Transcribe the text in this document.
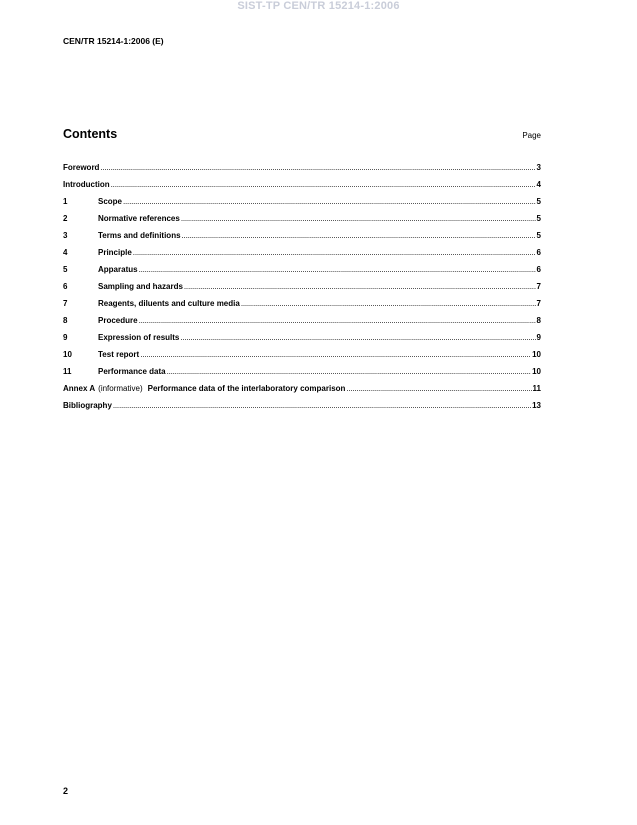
SIST-TP CEN/TR 15214-1:2006
CEN/TR 15214-1:2006 (E)
Contents	Page
Foreword .....	3
Introduction .....	4
1	Scope .....	5
2	Normative references .....	5
3	Terms and definitions .....	5
4	Principle .....	6
5	Apparatus .....	6
6	Sampling and hazards .....	7
7	Reagents, diluents and culture media .....	7
8	Procedure .....	8
9	Expression of results .....	9
10	Test report .....	10
11	Performance data .....	10
Annex A (informative) Performance data of the interlaboratory comparison .....	11
Bibliography .....	13
2
